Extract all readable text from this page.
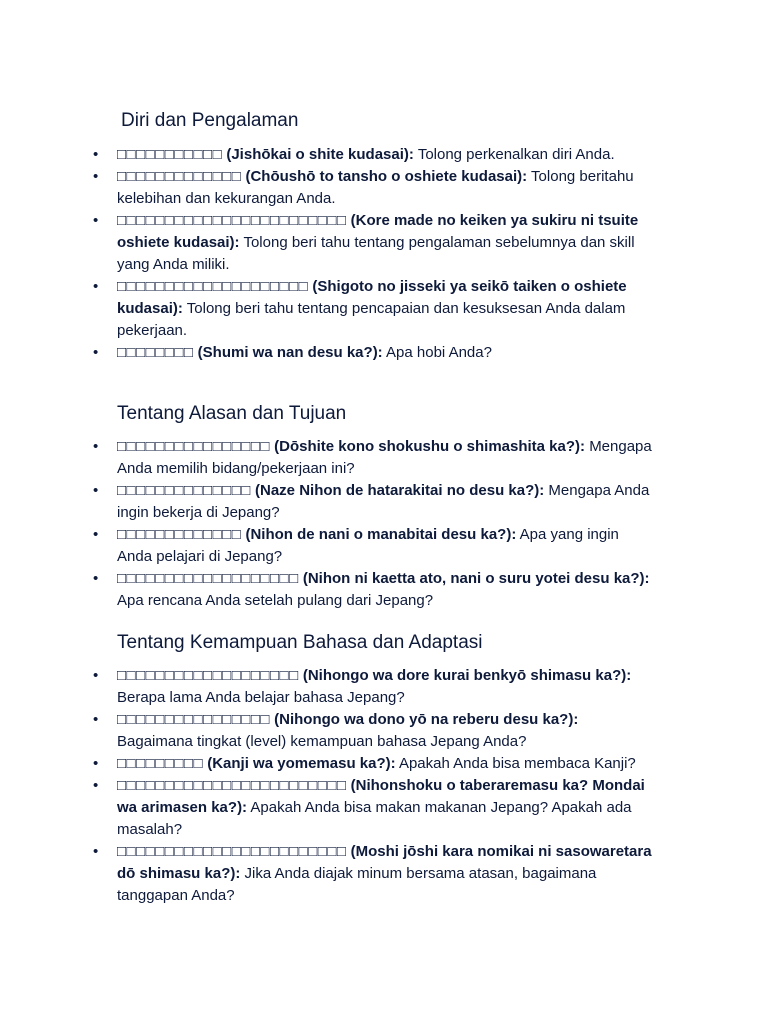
Diri dan Pengalaman
•	□□□□□□□□□□□ (Jishōkai o shite kudasai): Tolong perkenalkan diri Anda.
•	□□□□□□□□□□□□□ (Chōushō to tansho o oshiete kudasai): Tolong beritahu kelebihan dan kekurangan Anda.
•	□□□□□□□□□□□□□□□□□□□□□□□□ (Kore made no keiken ya sukiru ni tsuite oshiete kudasai): Tolong beri tahu tentang pengalaman sebelumnya dan skill yang Anda miliki.
•	□□□□□□□□□□□□□□□□□□□□ (Shigoto no jisseki ya seikō taiken o oshiete kudasai): Tolong beri tahu tentang pencapaian dan kesuksesan Anda dalam pekerjaan.
•	□□□□□□□□ (Shumi wa nan desu ka?): Apa hobi Anda?
Tentang Alasan dan Tujuan
•	□□□□□□□□□□□□□□□□ (Dōshite kono shokushu o shimashita ka?): Mengapa Anda memilih bidang/pekerjaan ini?
•	□□□□□□□□□□□□□□ (Naze Nihon de hatarakitai no desu ka?): Mengapa Anda ingin bekerja di Jepang?
•	□□□□□□□□□□□□□ (Nihon de nani o manabitai desu ka?): Apa yang ingin Anda pelajari di Jepang?
•	□□□□□□□□□□□□□□□□□□□ (Nihon ni kaetta ato, nani o suru yotei desu ka?): Apa rencana Anda setelah pulang dari Jepang?
Tentang Kemampuan Bahasa dan Adaptasi
•	□□□□□□□□□□□□□□□□□□□ (Nihongo wa dore kurai benkyō shimasu ka?): Berapa lama Anda belajar bahasa Jepang?
•	□□□□□□□□□□□□□□□□ (Nihongo wa dono yō na reberu desu ka?): Bagaimana tingkat (level) kemampuan bahasa Jepang Anda?
•	□□□□□□□□□ (Kanji wa yomemasu ka?): Apakah Anda bisa membaca Kanji?
•	□□□□□□□□□□□□□□□□□□□□□□□□ (Nihonshoku o taberaremasu ka? Mondai wa arimasen ka?): Apakah Anda bisa makan makanan Jepang? Apakah ada masalah?
•	□□□□□□□□□□□□□□□□□□□□□□□□ (Moshi jōshi kara nomikai ni sasowaretara dō shimasu ka?): Jika Anda diajak minum bersama atasan, bagaimana tanggapan Anda?
